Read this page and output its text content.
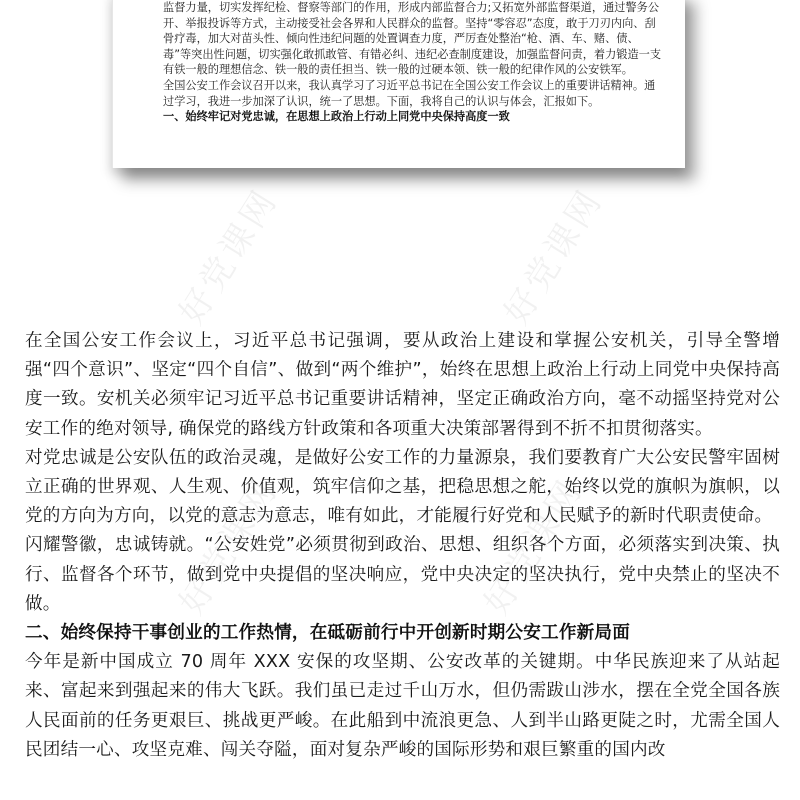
监督力量，切实发挥纪检、督察等部门的作用，形成内部监督合力;又拓宽外部监督渠道，通过警务公开、举报投诉等方式，主动接受社会各界和人民群众的监督。坚持“零容忍”态度，敢于刀刃内向、刮骨疗毒，加大对苗头性、倾向性违纪问题的处置调查力度，严厉查处整治“枪、酒、车、赌、债、毒”等突出性问题，切实强化敢抓敢管、有错必纠、违纪必查制度建设，加强监督问责，着力锻造一支有铁一般的理想信念、铁一般的责任担当、铁一般的过硬本领、铁一般的纪律作风的公安铁军。

全国公安工作会议召开以来，我认真学习了习近平总书记在全国公安工作会议上的重要讲话精神。通过学习，我进一步加深了认识，统一了思想。下面，我将自己的认识与体会，汇报如下。

一、始终牢记对党忠诚，在思想上政治上行动上同党中央保持高度一致

好党课网	好党课网
好党课网	好党课网

在全国公安工作会议上，习近平总书记强调，要从政治上建设和掌握公安机关，引导全警增强“四个意识”、坚定“四个自信”、做到“两个维护”，始终在思想上政治上行动上同党中央保持高度一致。安机关必须牢记习近平总书记重要讲话精神，坚定正确政治方向，毫不动摇坚持党对公安工作的绝对领导, 确保党的路线方针政策和各项重大决策部署得到不折不扣贯彻落实。

对党忠诚是公安队伍的政治灵魂，是做好公安工作的力量源泉，我们要教育广大公安民警牢固树立正确的世界观、人生观、价值观，筑牢信仰之基，把稳思想之舵，始终以党的旗帜为旗帜，以党的方向为方向，以党的意志为意志，唯有如此，才能履行好党和人民赋予的新时代职责使命。

闪耀警徽，忠诚铸就。“公安姓党”必须贯彻到政治、思想、组织各个方面，必须落实到决策、执行、监督各个环节，做到党中央提倡的坚决响应，党中央决定的坚决执行，党中央禁止的坚决不做。

二、始终保持干事创业的工作热情，在砥砺前行中开创新时期公安工作新局面

今年是新中国成立 70 周年 XXX 安保的攻坚期、公安改革的关键期。中华民族迎来了从站起来、富起来到强起来的伟大飞跃。我们虽已走过千山万水，但仍需跋山涉水，摆在全党全国各族人民面前的任务更艰巨、挑战更严峻。在此船到中流浪更急、人到半山路更陡之时，尤需全国人民团结一心、攻坚克难、闯关夺隘，面对复杂严峻的国际形势和艰巨繁重的国内改
